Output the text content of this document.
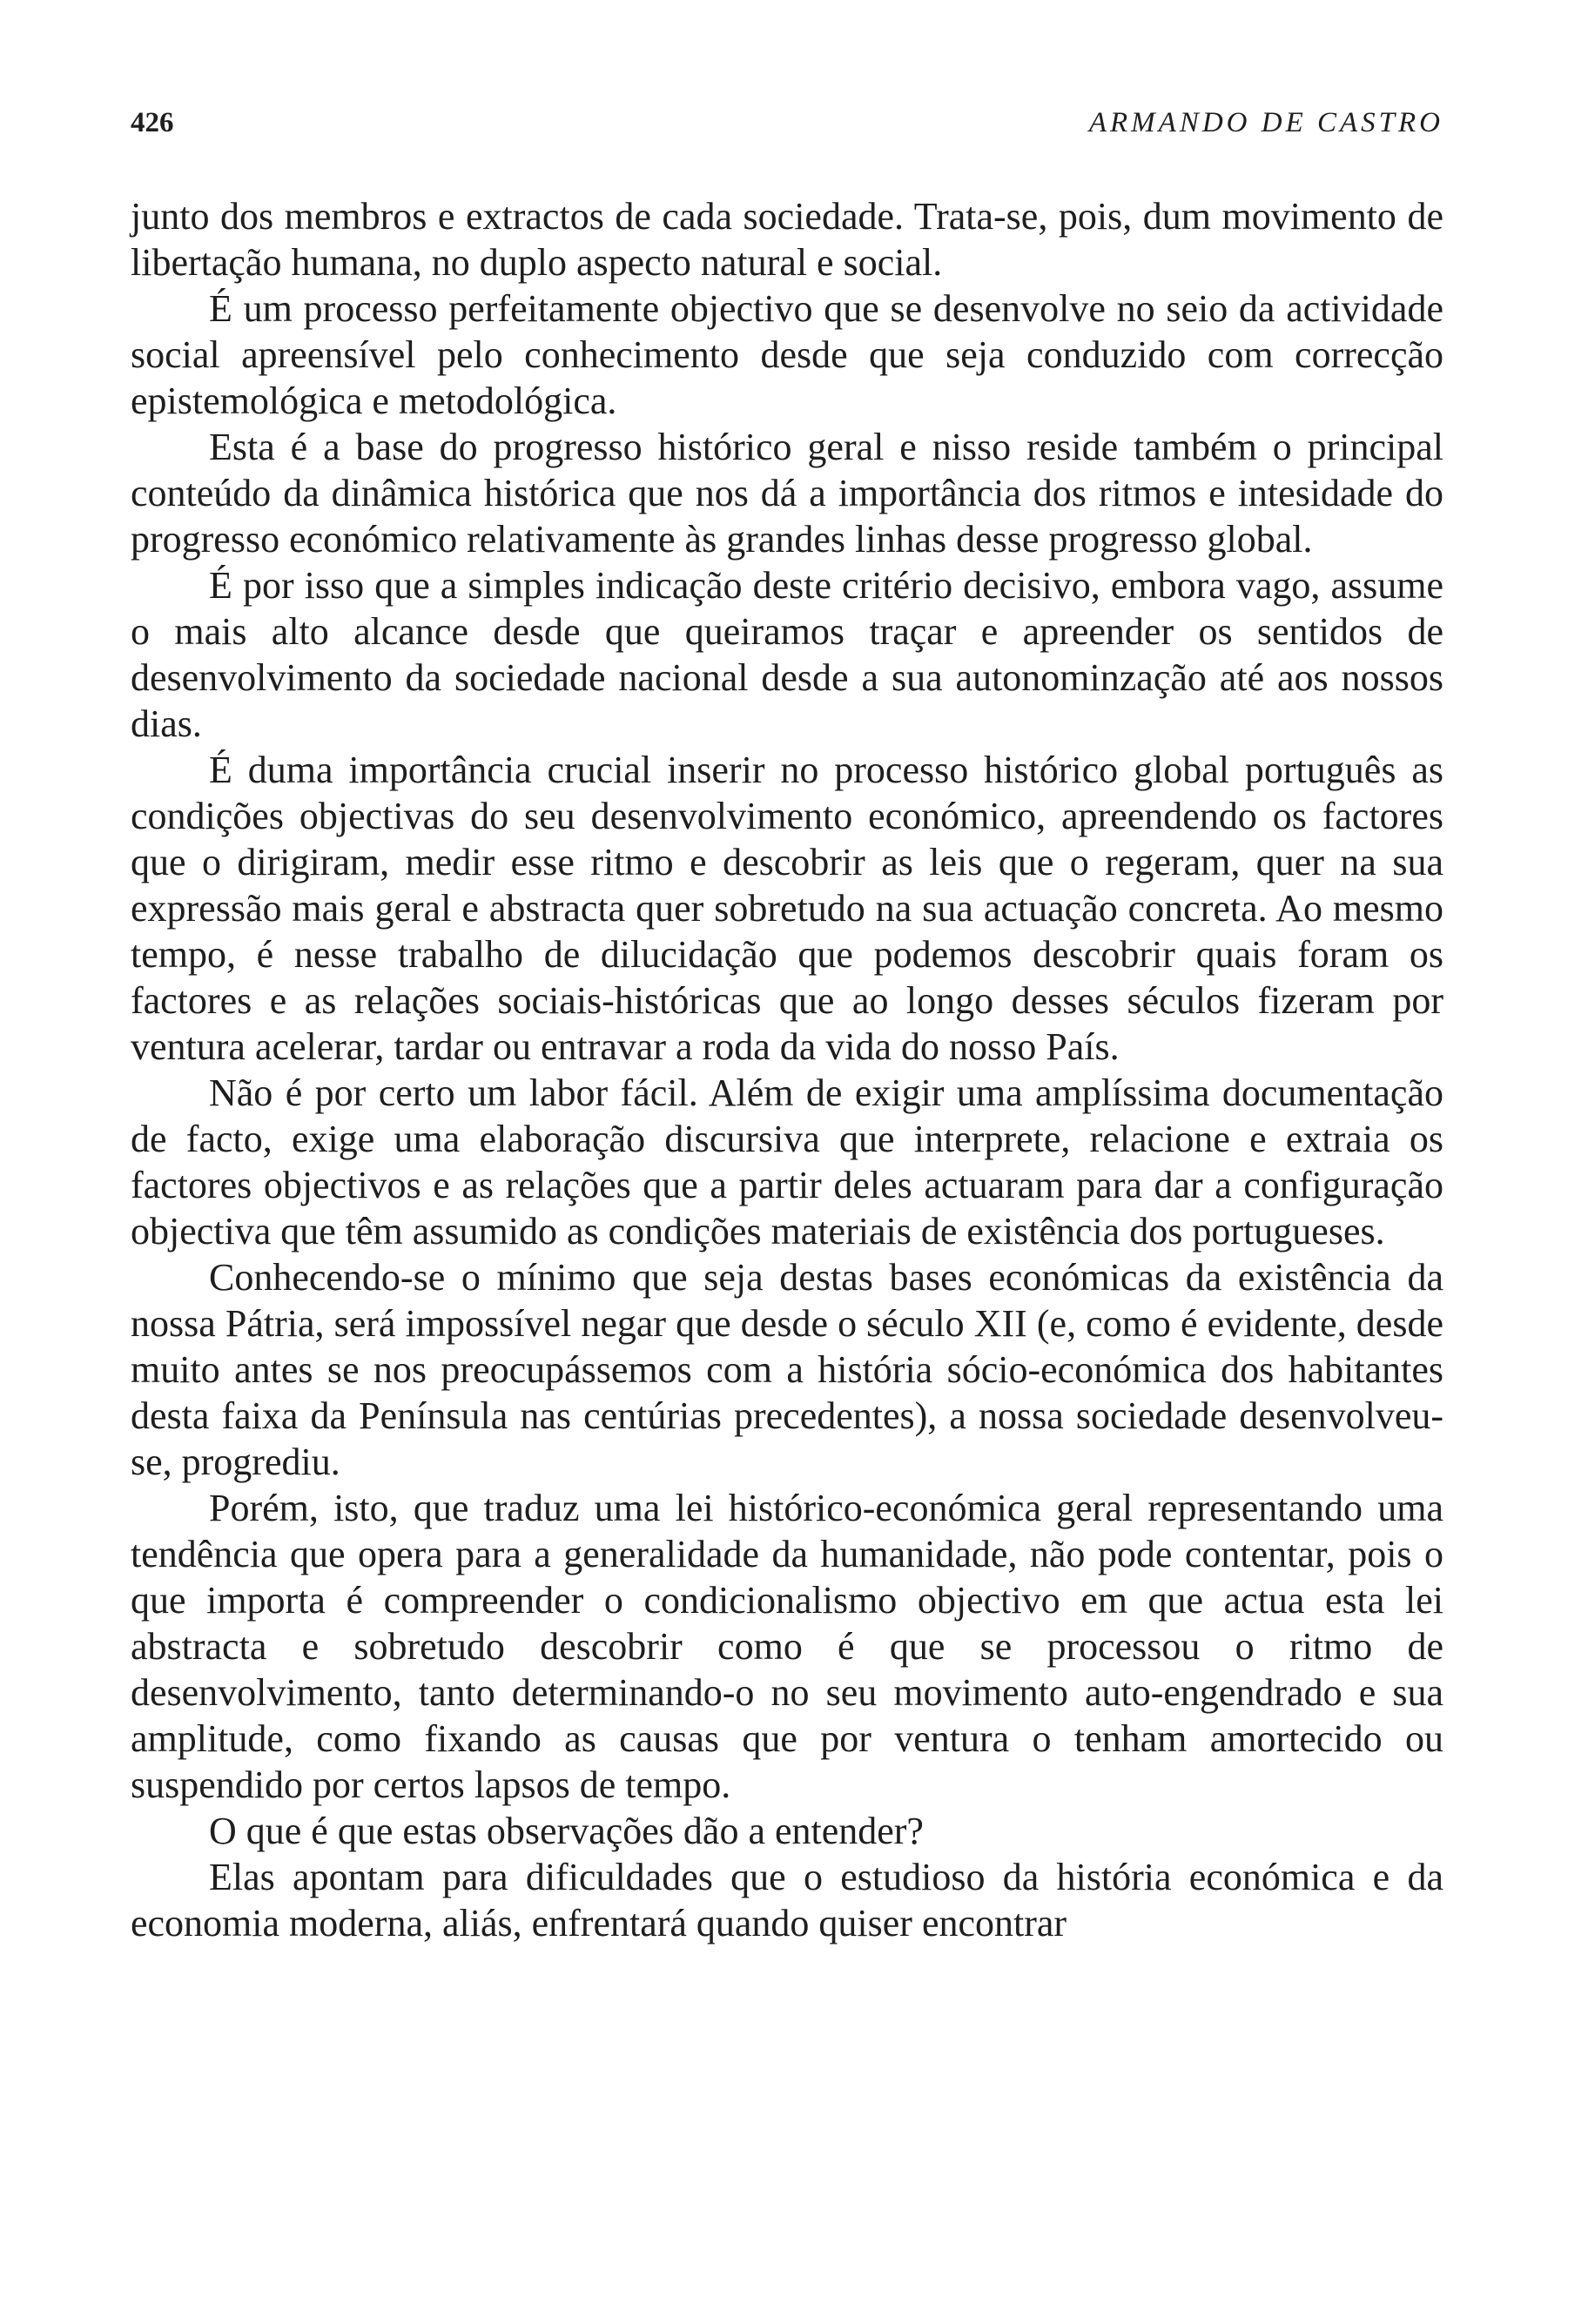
426	ARMANDO DE CASTRO

junto dos membros e extractos de cada sociedade. Trata-se, pois, dum movimento de libertação humana, no duplo aspecto natural e social.

É um processo perfeitamente objectivo que se desenvolve no seio da actividade social apreensível pelo conhecimento desde que seja conduzido com correcção epistemológica e metodológica.

Esta é a base do progresso histórico geral e nisso reside também o principal conteúdo da dinâmica histórica que nos dá a importância dos ritmos e intesidade do progresso económico relativamente às grandes linhas desse progresso global.

É por isso que a simples indicação deste critério decisivo, embora vago, assume o mais alto alcance desde que queiramos traçar e apreender os sentidos de desenvolvimento da sociedade nacional desde a sua autonominzação até aos nossos dias.

É duma importância crucial inserir no processo histórico global português as condições objectivas do seu desenvolvimento económico, apreendendo os factores que o dirigiram, medir esse ritmo e descobrir as leis que o regeram, quer na sua expressão mais geral e abstracta quer sobretudo na sua actuação concreta. Ao mesmo tempo, é nesse trabalho de dilucidação que podemos descobrir quais foram os factores e as relações sociais-históricas que ao longo desses séculos fizeram por ventura acelerar, tardar ou entravar a roda da vida do nosso País.

Não é por certo um labor fácil. Além de exigir uma amplíssima documentação de facto, exige uma elaboração discursiva que interprete, relacione e extraia os factores objectivos e as relações que a partir deles actuaram para dar a configuração objectiva que têm assumido as condições materiais de existência dos portugueses.

Conhecendo-se o mínimo que seja destas bases económicas da existência da nossa Pátria, será impossível negar que desde o século XII (e, como é evidente, desde muito antes se nos preocupássemos com a história sócio-económica dos habitantes desta faixa da Península nas centúrias precedentes), a nossa sociedade desenvolveu-se, progrediu.

Porém, isto, que traduz uma lei histórico-económica geral representando uma tendência que opera para a generalidade da humanidade, não pode contentar, pois o que importa é compreender o condicionalismo objectivo em que actua esta lei abstracta e sobretudo descobrir como é que se processou o ritmo de desenvolvimento, tanto determinando-o no seu movimento auto-engendrado e sua amplitude, como fixando as causas que por ventura o tenham amortecido ou suspendido por certos lapsos de tempo.

O que é que estas observações dão a entender?

Elas apontam para dificuldades que o estudioso da história económica e da economia moderna, aliás, enfrentará quando quiser encontrar
